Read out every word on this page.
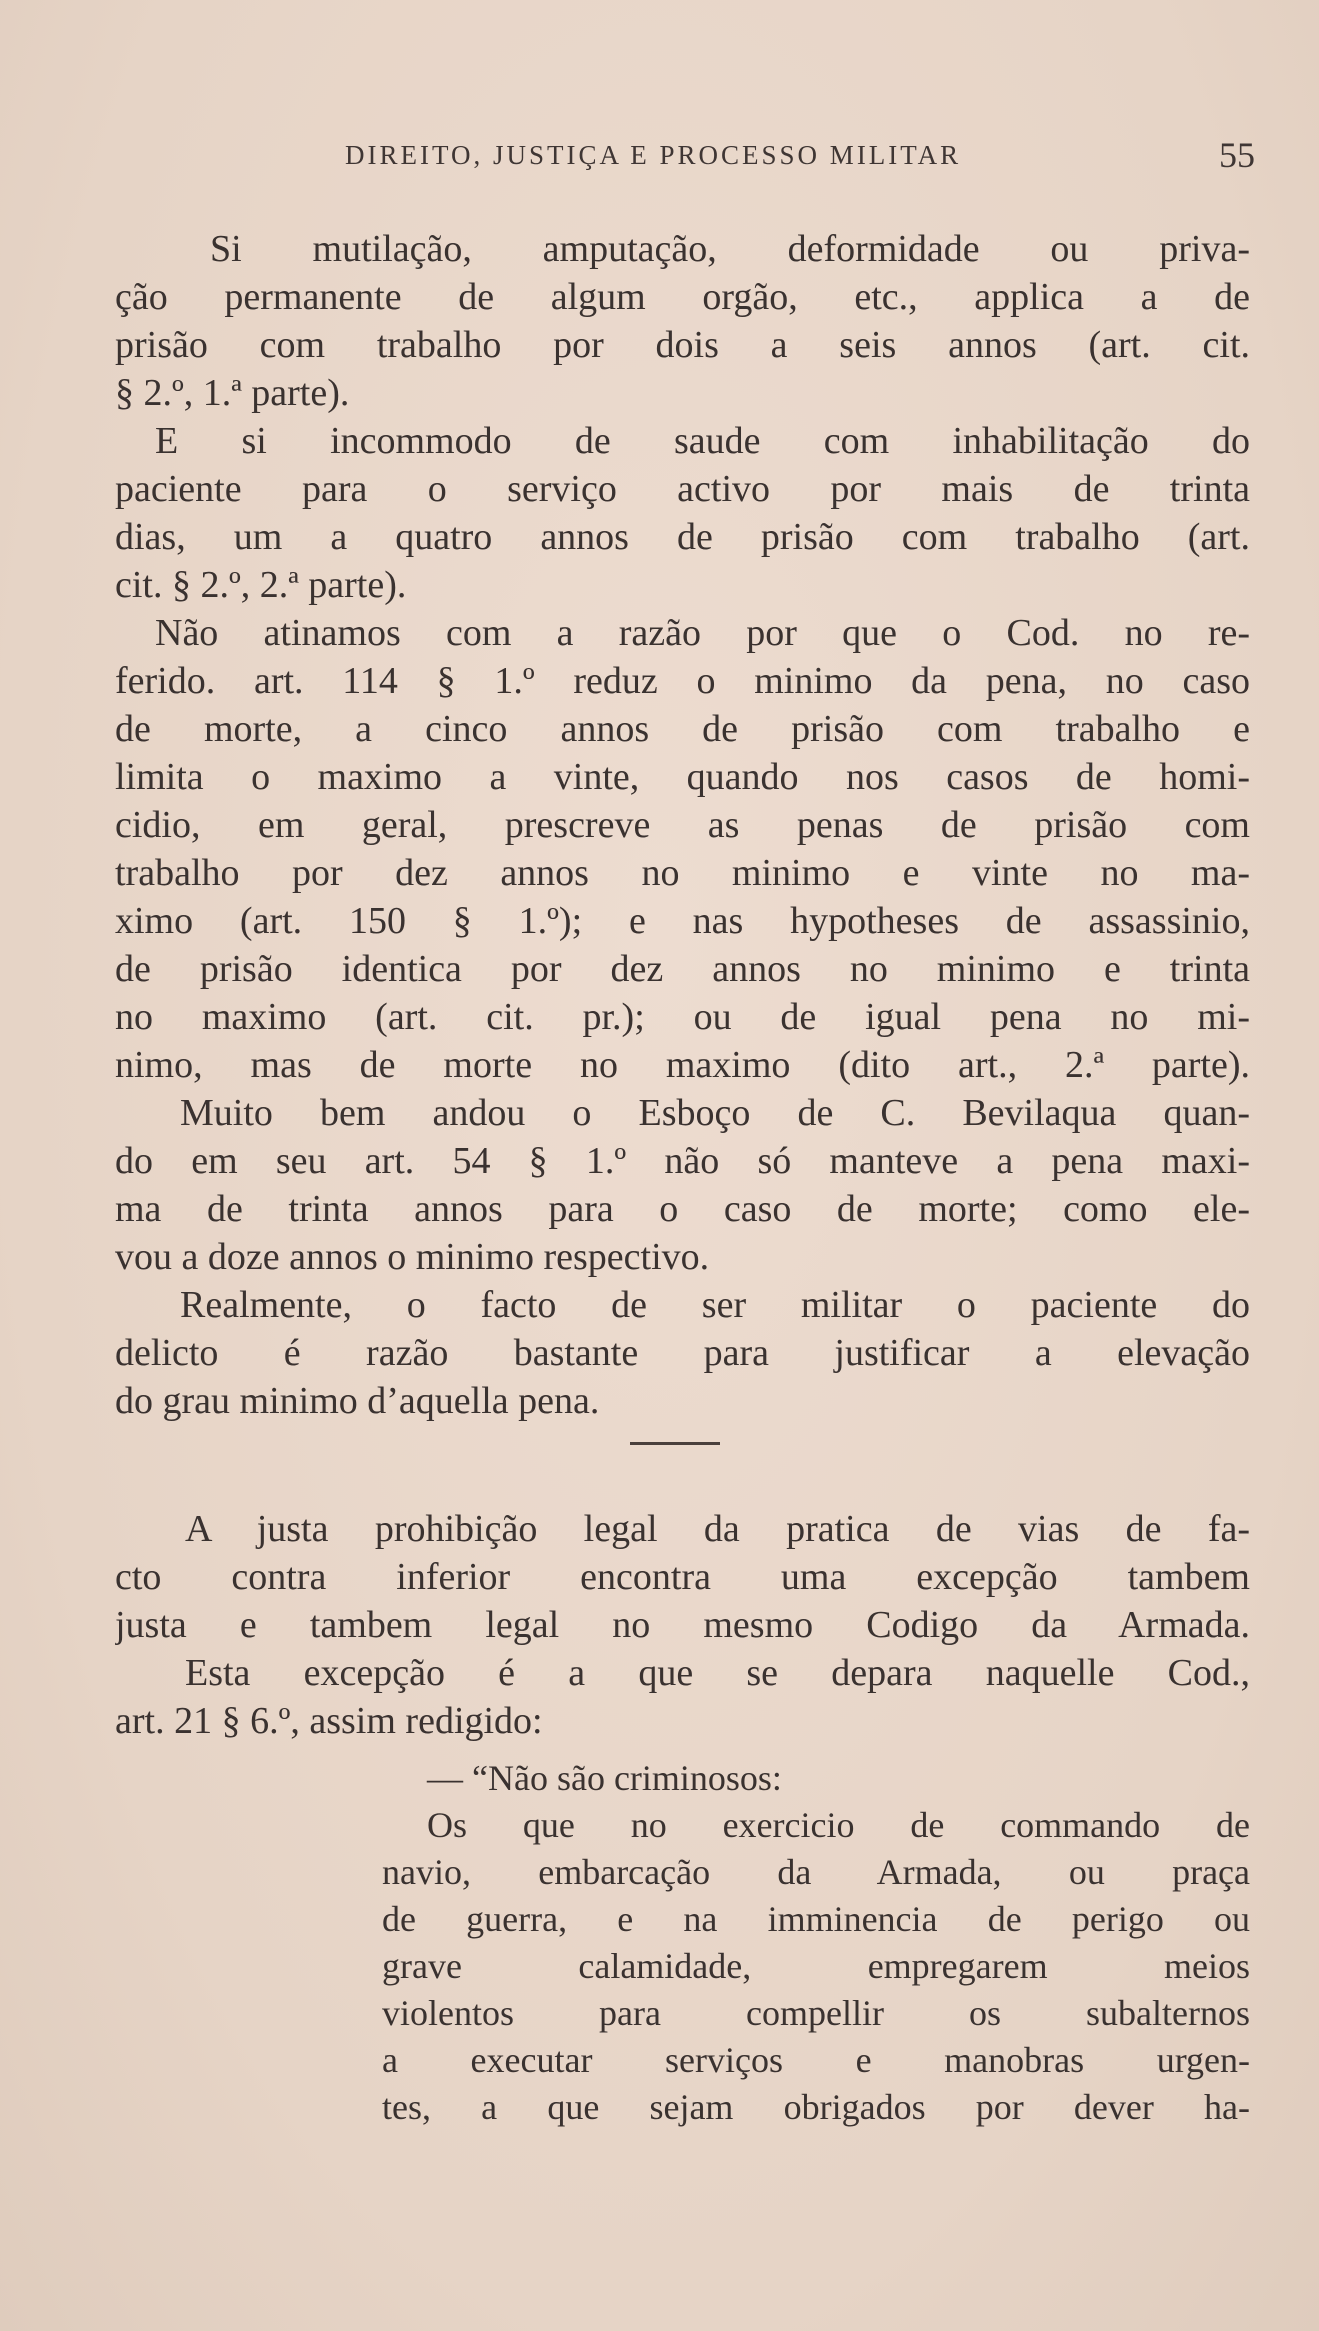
DIREITO, JUSTIÇA E PROCESSO MILITAR	55
Si mutilação, amputação, deformidade ou priva-
ção permanente de algum orgão, etc., applica a de
prisão com trabalho por dois a seis annos (art. cit.
§ 2.º, 1.ª parte).
E si incommodo de saude com inhabilitação do
paciente para o serviço activo por mais de trinta
dias, um a quatro annos de prisão com trabalho (art.
cit. § 2.º, 2.ª parte).
Não atinamos com a razão por que o Cod. no re-
ferido. art. 114 § 1.º reduz o minimo da pena, no caso
de morte, a cinco annos de prisão com trabalho e
limita o maximo a vinte, quando nos casos de homi-
cidio, em geral, prescreve as penas de prisão com
trabalho por dez annos no minimo e vinte no ma-
ximo (art. 150 § 1.º); e nas hypotheses de assassinio,
de prisão identica por dez annos no minimo e trinta
no maximo (art. cit. pr.); ou de igual pena no mi-
nimo, mas de morte no maximo (dito art., 2.ª parte).
Muito bem andou o Esboço de C. Bevilaqua quan-
do em seu art. 54 § 1.º não só manteve a pena maxi-
ma de trinta annos para o caso de morte; como ele-
vou a doze annos o minimo respectivo.
Realmente, o facto de ser militar o paciente do
delicto é razão bastante para justificar a elevação
do grau minimo d’aquella pena.
A justa prohibição legal da pratica de vias de fa-
cto contra inferior encontra uma excepção tambem
justa e tambem legal no mesmo Codigo da Armada.
Esta excepção é a que se depara naquelle Cod.,
art. 21 § 6.º, assim redigido:
— “Não são criminosos:
Os que no exercicio de commando de
navio, embarcação da Armada, ou praça
de guerra, e na imminencia de perigo ou
grave calamidade, empregarem meios
violentos para compellir os subalternos
a executar serviços e manobras urgen-
tes, a que sejam obrigados por dever ha-
